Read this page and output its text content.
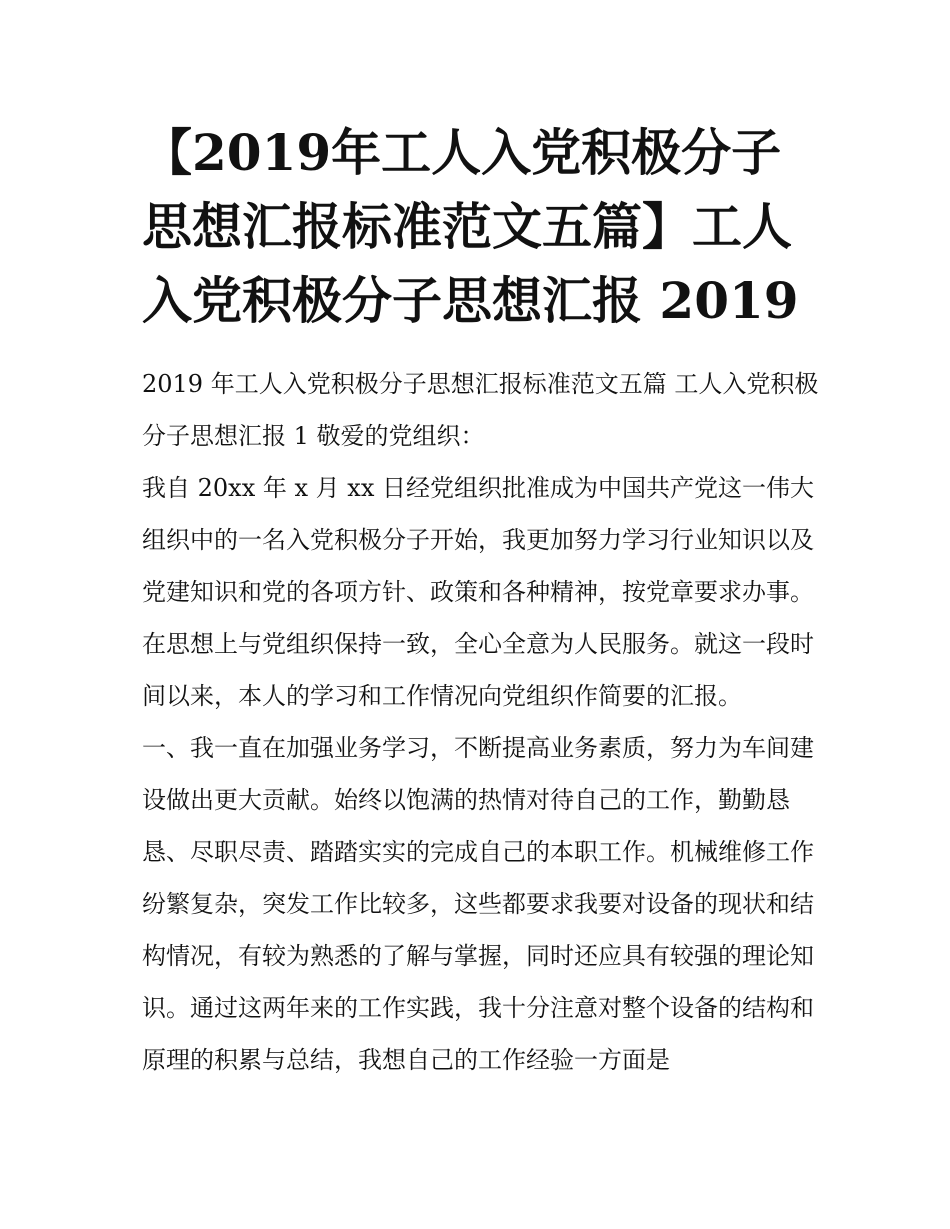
【2019年工人入党积极分子思想汇报标准范文五篇】工人入党积极分子思想汇报 2019

2019 年工人入党积极分子思想汇报标准范文五篇 工人入党积极分子思想汇报 1 敬爱的党组织：

我自 20xx 年 x 月 xx 日经党组织批准成为中国共产党这一伟大组织中的一名入党积极分子开始，我更加努力学习行业知识以及党建知识和党的各项方针、政策和各种精神，按党章要求办事。在思想上与党组织保持一致，全心全意为人民服务。就这一段时间以来，本人的学习和工作情况向党组织作简要的汇报。

一、我一直在加强业务学习，不断提高业务素质，努力为车间建设做出更大贡献。始终以饱满的热情对待自己的工作，勤勤恳恳、尽职尽责、踏踏实实的完成自己的本职工作。机械维修工作纷繁复杂，突发工作比较多，这些都要求我要对设备的现状和结构情况，有较为熟悉的了解与掌握，同时还应具有较强的理论知识。通过这两年来的工作实践，我十分注意对整个设备的结构和原理的积累与总结，我想自己的工作经验一方面是
